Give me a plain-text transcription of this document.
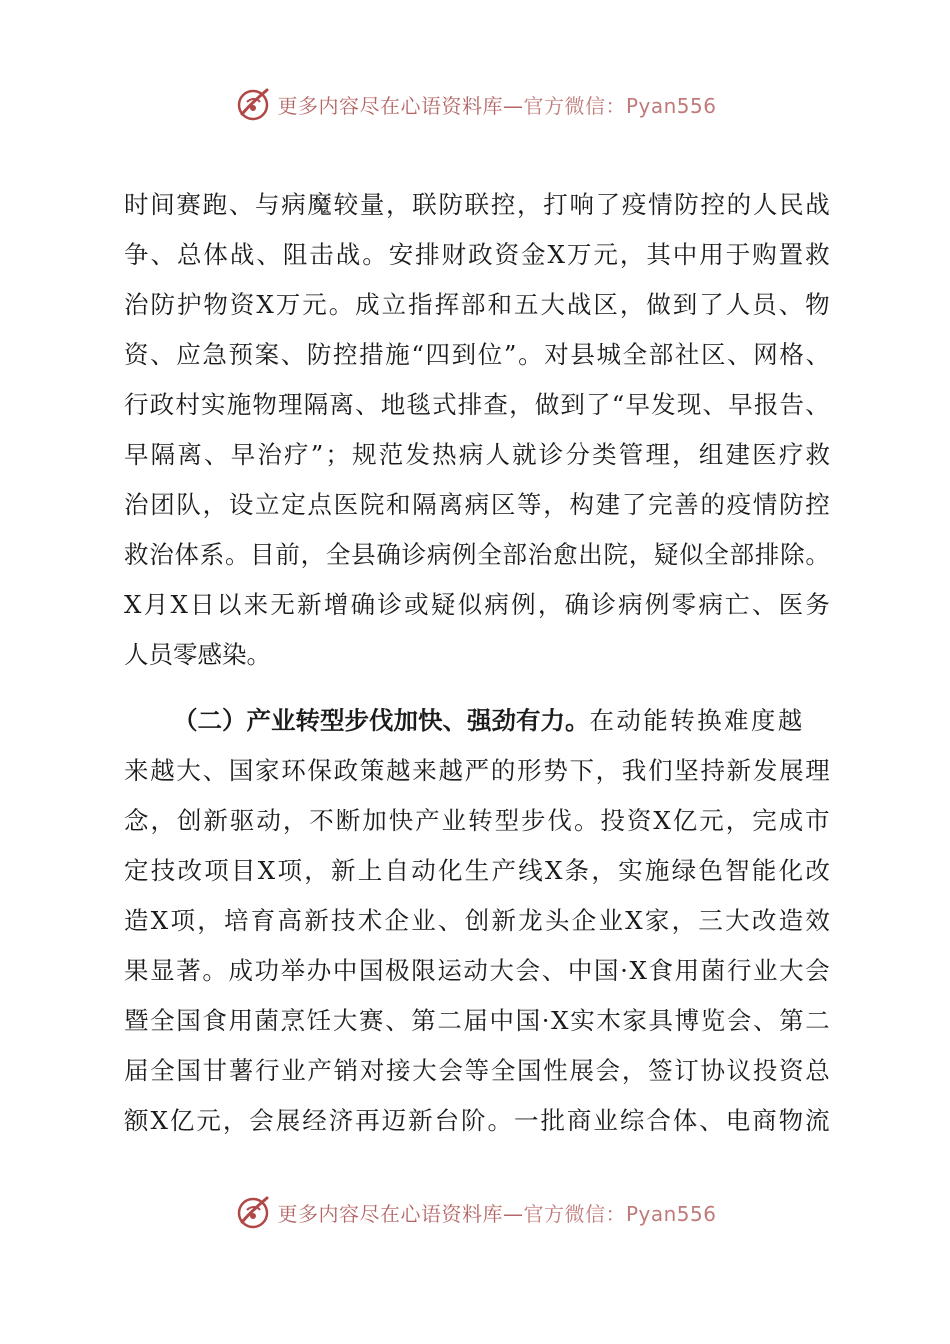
更多内容尽在心语资料库—官方微信：Pyan556
时 间 赛 跑 、 与 病 魔 较 量 ， 联 防 联 控 ， 打 响 了 疫 情 防 控 的 人 民 战
争 、 总 体 战 、 阻 击 战 。 安 排 财 政 资 金 X 万 元 ， 其 中 用 于 购 置 救
治 防 护 物 资 X 万 元 。 成 立 指 挥 部 和 五 大 战 区 ， 做 到 了 人 员 、 物
资 、 应 急 预 案 、 防 控 措 施 “ 四 到 位 ” 。 对 县 城 全 部 社 区 、 网 格 、
行 政 村 实 施 物 理 隔 离 、 地 毯 式 排 查 ， 做 到 了 “ 早 发 现 、 早 报 告 、
早 隔 离 、 早 治 疗 ” ； 规 范 发 热 病 人 就 诊 分 类 管 理 ， 组 建 医 疗 救
治 团 队 ， 设 立 定 点 医 院 和 隔 离 病 区 等 ， 构 建 了 完 善 的 疫 情 防 控
救 治 体 系 。 目 前 ， 全 县 确 诊 病 例 全 部 治 愈 出 院 ， 疑 似 全 部 排 除 。
X 月 X 日 以 来 无 新 增 确 诊 或 疑 似 病 例 ， 确 诊 病 例 零 病 亡 、 医 务
人员零感染。
（二）产业转型步伐加快、强劲有力。 在动能转换难度越
来 越 大 、 国 家 环 保 政 策 越 来 越 严 的 形 势 下 ， 我 们 坚 持 新 发 展 理
念 ， 创 新 驱 动 ， 不 断 加 快 产 业 转 型 步 伐 。 投 资 X 亿 元 ， 完 成 市
定 技 改 项 目 X 项 ， 新 上 自 动 化 生 产 线 X 条 ， 实 施 绿 色 智 能 化 改
造 X 项 ， 培 育 高 新 技 术 企 业 、 创 新 龙 头 企 业 X 家 ， 三 大 改 造 效
果 显 著 。 成 功 举 办 中 国 极 限 运 动 大 会 、 中 国 · X 食 用 菌 行 业 大 会
暨 全 国 食 用 菌 烹 饪 大 赛 、 第 二 届 中 国 · X 实 木 家 具 博 览 会 、 第 二
届 全 国 甘 薯 行 业 产 销 对 接 大 会 等 全 国 性 展 会 ， 签 订 协 议 投 资 总
额 X 亿 元 ， 会 展 经 济 再 迈 新 台 阶 。 一 批 商 业 综 合 体 、 电 商 物 流
更多内容尽在心语资料库—官方微信：Pyan556
